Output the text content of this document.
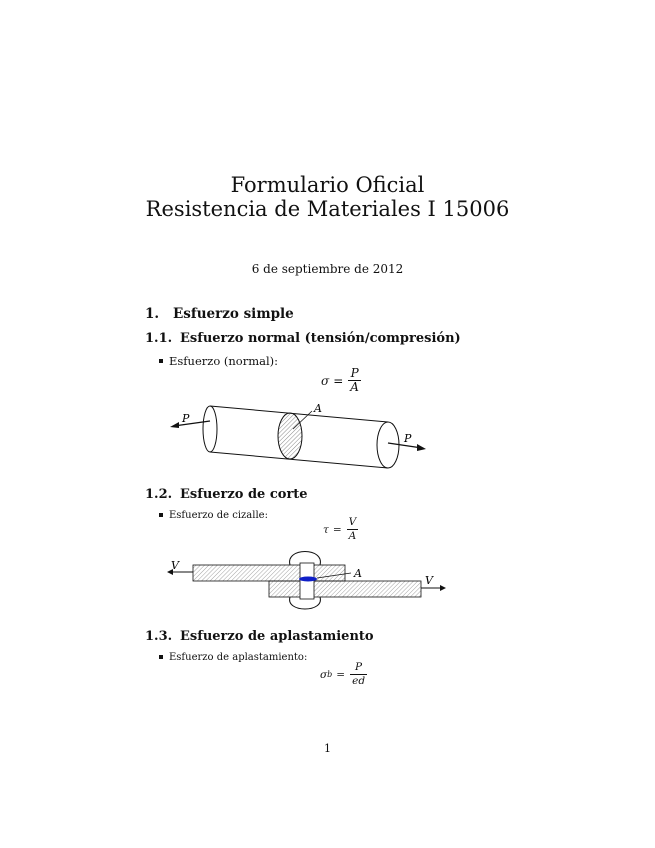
Formulario Oficial
Resistencia de Materiales I 15006
6 de septiembre de 2012
1. Esfuerzo simple
1.1. Esfuerzo normal (tensión/compresión)
Esfuerzo (normal):
$\sigma = \frac{P}{A}$
P
P
A
1.2. Esfuerzo de corte
Esfuerzo de cizalle:
$\tau = \frac{V}{A}$
V
V
A
1.3. Esfuerzo de aplastamiento
Esfuerzo de aplastamiento:
σ $b = \frac{P}{ed}$
1
